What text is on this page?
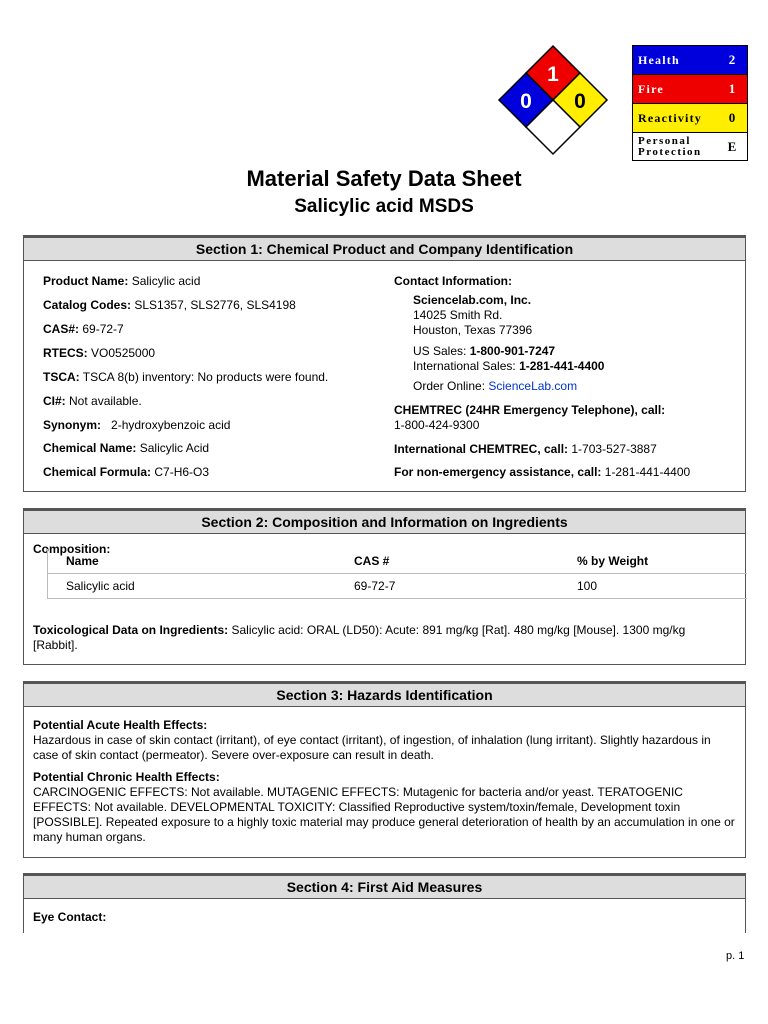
1
0 0
Health	2
Fire	1
Reactivity	0
Personal
Protection	E
Material Safety Data Sheet
Salicylic acid MSDS
Section 1: Chemical Product and Company Identification
Product Name: Salicylic acid
Catalog Codes: SLS1357, SLS2776, SLS4198
CAS#: 69-72-7
RTECS: VO0525000
TSCA: TSCA 8(b) inventory: No products were found.
CI#: Not available.
Synonym: 2-hydroxybenzoic acid
Chemical Name: Salicylic Acid
Chemical Formula: C7-H6-O3
Contact Information:
Sciencelab.com, Inc.
14025 Smith Rd.
Houston, Texas 77396
US Sales: 1-800-901-7247
International Sales: 1-281-441-4400
Order Online: ScienceLab.com
CHEMTREC (24HR Emergency Telephone), call:
1-800-424-9300
International CHEMTREC, call: 1-703-527-3887
For non-emergency assistance, call: 1-281-441-4400
Section 2: Composition and Information on Ingredients
Composition:
Name	CAS #	% by Weight
Salicylic acid	69-72-7	100
Toxicological Data on Ingredients: Salicylic acid: ORAL (LD50): Acute: 891 mg/kg [Rat]. 480 mg/kg [Mouse]. 1300 mg/kg [Rabbit].
Section 3: Hazards Identification
Potential Acute Health Effects:
Hazardous in case of skin contact (irritant), of eye contact (irritant), of ingestion, of inhalation (lung irritant). Slightly hazardous in case of skin contact (permeator). Severe over-exposure can result in death.
Potential Chronic Health Effects:
CARCINOGENIC EFFECTS: Not available. MUTAGENIC EFFECTS: Mutagenic for bacteria and/or yeast. TERATOGENIC EFFECTS: Not available. DEVELOPMENTAL TOXICITY: Classified Reproductive system/toxin/female, Development toxin [POSSIBLE]. Repeated exposure to a highly toxic material may produce general deterioration of health by an accumulation in one or many human organs.
Section 4: First Aid Measures
Eye Contact:
p. 1
